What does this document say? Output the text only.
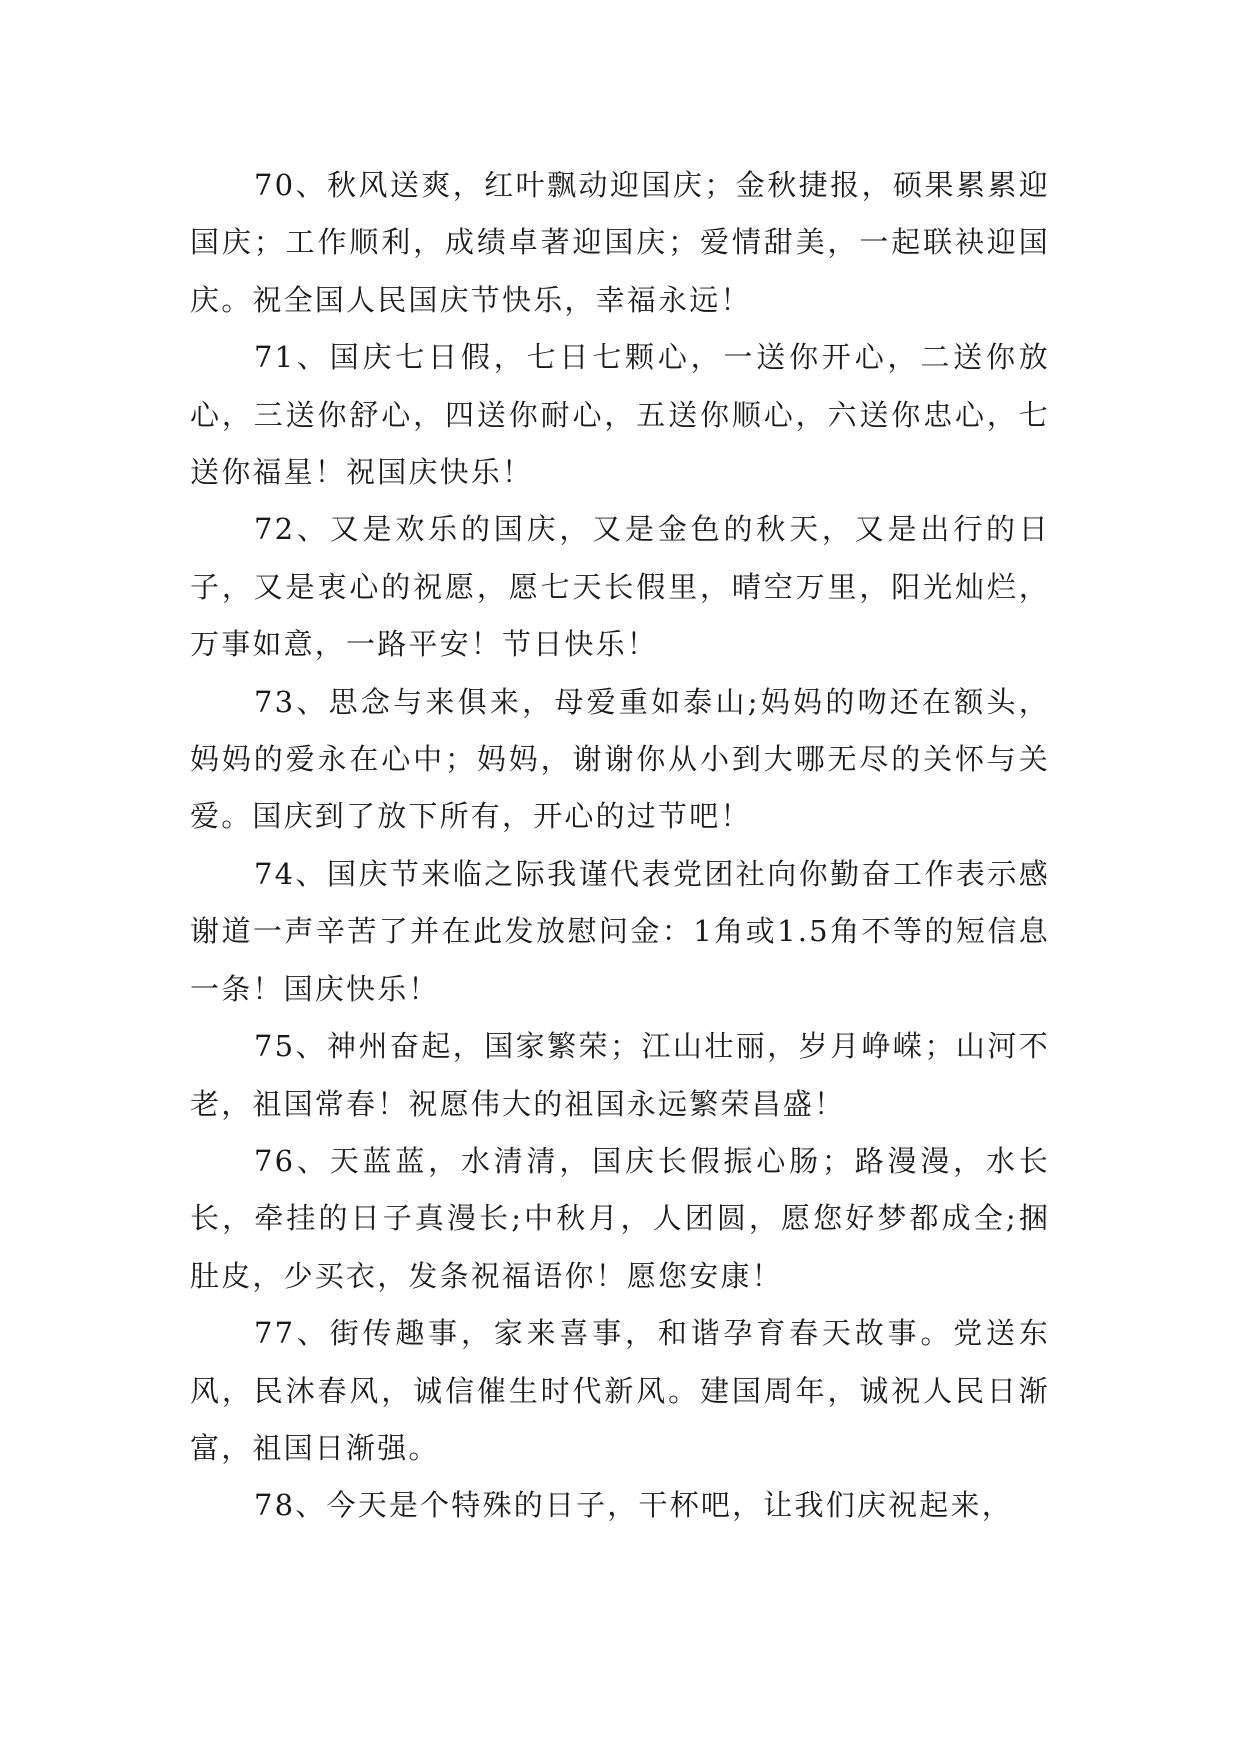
70、秋风送爽，红叶飘动迎国庆；金秋捷报，硕果累累迎国庆；工作顺利，成绩卓著迎国庆；爱情甜美，一起联袂迎国庆。祝全国人民国庆节快乐，幸福永远！

71、国庆七日假，七日七颗心，一送你开心，二送你放心，三送你舒心，四送你耐心，五送你顺心，六送你忠心，七送你福星！祝国庆快乐！

72、又是欢乐的国庆，又是金色的秋天，又是出行的日子，又是衷心的祝愿，愿七天长假里，晴空万里，阳光灿烂，万事如意，一路平安！节日快乐！

73、思念与来俱来，母爱重如泰山;妈妈的吻还在额头，妈妈的爱永在心中；妈妈，谢谢你从小到大哪无尽的关怀与关爱。国庆到了放下所有，开心的过节吧！

74、国庆节来临之际我谨代表党团社向你勤奋工作表示感谢道一声辛苦了并在此发放慰问金：1角或1.5角不等的短信息一条！国庆快乐！

75、神州奋起，国家繁荣；江山壮丽，岁月峥嵘；山河不老，祖国常春！祝愿伟大的祖国永远繁荣昌盛！

76、天蓝蓝，水清清，国庆长假振心肠；路漫漫，水长长，牵挂的日子真漫长;中秋月，人团圆，愿您好梦都成全;捆肚皮，少买衣，发条祝福语你！愿您安康！

77、街传趣事，家来喜事，和谐孕育春天故事。党送东风，民沐春风，诚信催生时代新风。建国周年，诚祝人民日渐富，祖国日渐强。

78、今天是个特殊的日子，干杯吧，让我们庆祝起来，
